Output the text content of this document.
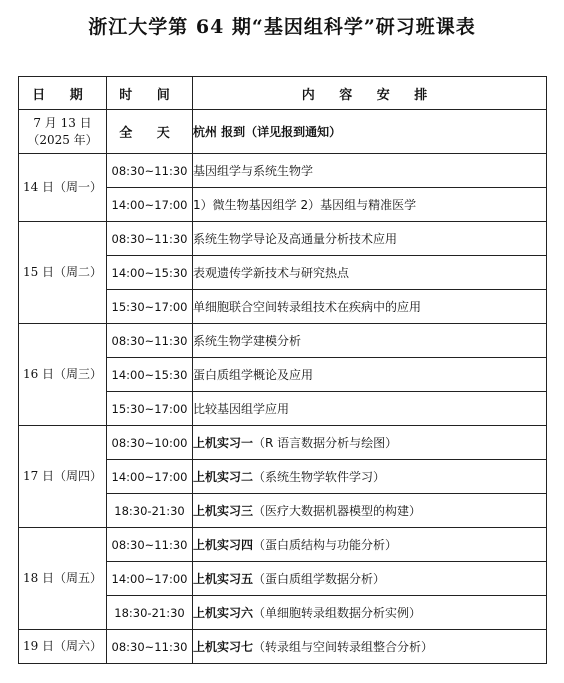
浙江大学第 64 期“基因组科学”研习班课表
日 期	时 间	内 容 安 排

7 月 13 日
（2025 年）	全 天	杭州 报到（详见报到通知）
14 日（周一）	08:30~11:30	基因组学与系统生物学
	14:00~17:00	1）微生物基因组学 2）基因组与精准医学
15 日（周二）	08:30~11:30	系统生物学导论及高通量分析技术应用
	14:00~15:30	表观遗传学新技术与研究热点
	15:30~17:00	单细胞联合空间转录组技术在疾病中的应用
16 日（周三）	08:30~11:30	系统生物学建模分析
	14:00~15:30	蛋白质组学概论及应用
	15:30~17:00	比较基因组学应用
17 日（周四）	08:30~10:00	上机实习一（R 语言数据分析与绘图）
	14:00~17:00	上机实习二（系统生物学软件学习）
	18:30-21:30	上机实习三（医疗大数据机器模型的构建）
18 日（周五）	08:30~11:30	上机实习四（蛋白质结构与功能分析）
	14:00~17:00	上机实习五（蛋白质组学数据分析）
	18:30-21:30	上机实习六（单细胞转录组数据分析实例）
19 日（周六）	08:30~11:30	上机实习七（转录组与空间转录组整合分析）
